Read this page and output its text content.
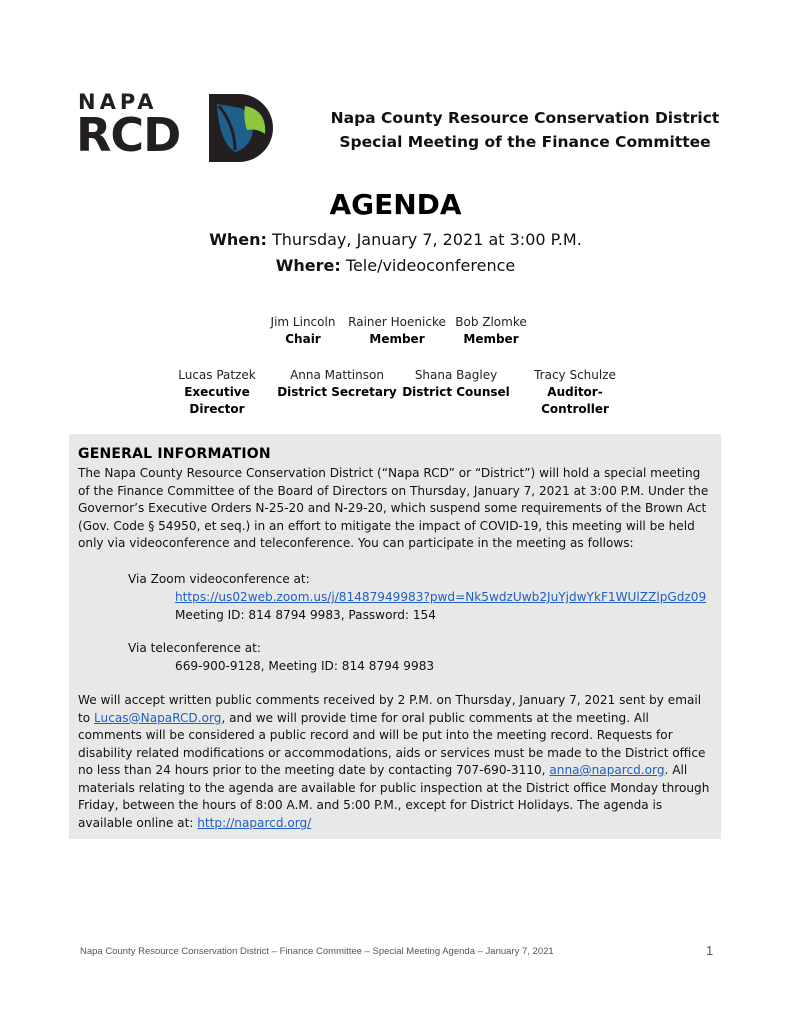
NAPA
RCD	Napa County Resource Conservation District
Special Meeting of the Finance Committee
AGENDA
When: Thursday, January 7, 2021 at 3:00 P.M.
Where: Tele/videoconference
Jim Lincoln
Chair
Rainer Hoenicke
Member
Bob Zlomke
Member
Lucas Patzek
Executive Director
Anna Mattinson
District Secretary
Shana Bagley
District Counsel
Tracy Schulze
Auditor-Controller
GENERAL INFORMATION
The Napa County Resource Conservation District (“Napa RCD” or “District”) will hold a special meeting of the Finance Committee of the Board of Directors on Thursday, January 7, 2021 at 3:00 P.M. Under the Governor’s Executive Orders N-25-20 and N-29-20, which suspend some requirements of the Brown Act (Gov. Code § 54950, et seq.) in an effort to mitigate the impact of COVID-19, this meeting will be held only via videoconference and teleconference. You can participate in the meeting as follows:
Via Zoom videoconference at:
https://us02web.zoom.us/j/81487949983?pwd=Nk5wdzUwb2JuYjdwYkF1WUlZZlpGdz09
Meeting ID: 814 8794 9983, Password: 154
Via teleconference at:
669-900-9128, Meeting ID: 814 8794 9983
We will accept written public comments received by 2 P.M. on Thursday, January 7, 2021 sent by email to Lucas@NapaRCD.org, and we will provide time for oral public comments at the meeting. All comments will be considered a public record and will be put into the meeting record. Requests for disability related modifications or accommodations, aids or services must be made to the District office no less than 24 hours prior to the meeting date by contacting 707-690-3110, anna@naparcd.org. All materials relating to the agenda are available for public inspection at the District office Monday through Friday, between the hours of 8:00 A.M. and 5:00 P.M., except for District Holidays. The agenda is available online at: http://naparcd.org/
Napa County Resource Conservation District – Finance Committee – Special Meeting Agenda – January 7, 2021	1
